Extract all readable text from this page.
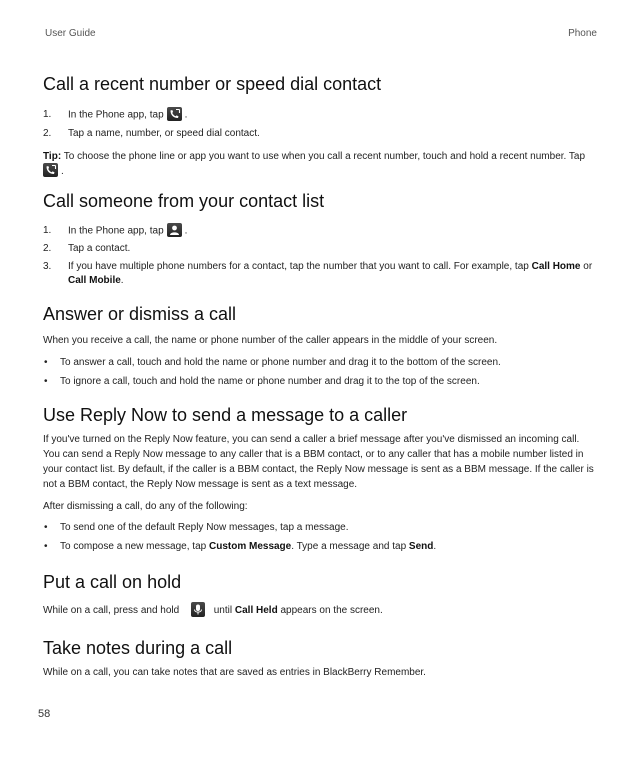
User Guide	Phone
Call a recent number or speed dial contact
1. In the Phone app, tap .
2. Tap a name, number, or speed dial contact.

Tip: To choose the phone line or app you want to use when you call a recent number, touch and hold a recent number. Tap
.

Call someone from your contact list
1. In the Phone app, tap .
2. Tap a contact.
3. If you have multiple phone numbers for a contact, tap the number that you want to call. For example, tap Call Home or Call Mobile.
Answer or dismiss a call

When you receive a call, the name or phone number of the caller appears in the middle of your screen.

• To answer a call, touch and hold the name or phone number and drag it to the bottom of the screen.
• To ignore a call, touch and hold the name or phone number and drag it to the top of the screen.
Use Reply Now to send a message to a caller

If you've turned on the Reply Now feature, you can send a caller a brief message after you've dismissed an incoming call. You can send a Reply Now message to any caller that is a BBM contact, or to any caller that has a mobile number listed in your contact list. By default, if the caller is a BBM contact, the Reply Now message is sent as a BBM message. If the caller is not a BBM contact, the Reply Now message is sent as a text message.

After dismissing a call, do any of the following:

• To send one of the default Reply Now messages, tap a message.
• To compose a new message, tap Custom Message. Type a message and tap Send.
Put a call on hold

While on a call, press and hold	until Call Held appears on the screen.

Take notes during a call

While on a call, you can take notes that are saved as entries in BlackBerry Remember.

58
